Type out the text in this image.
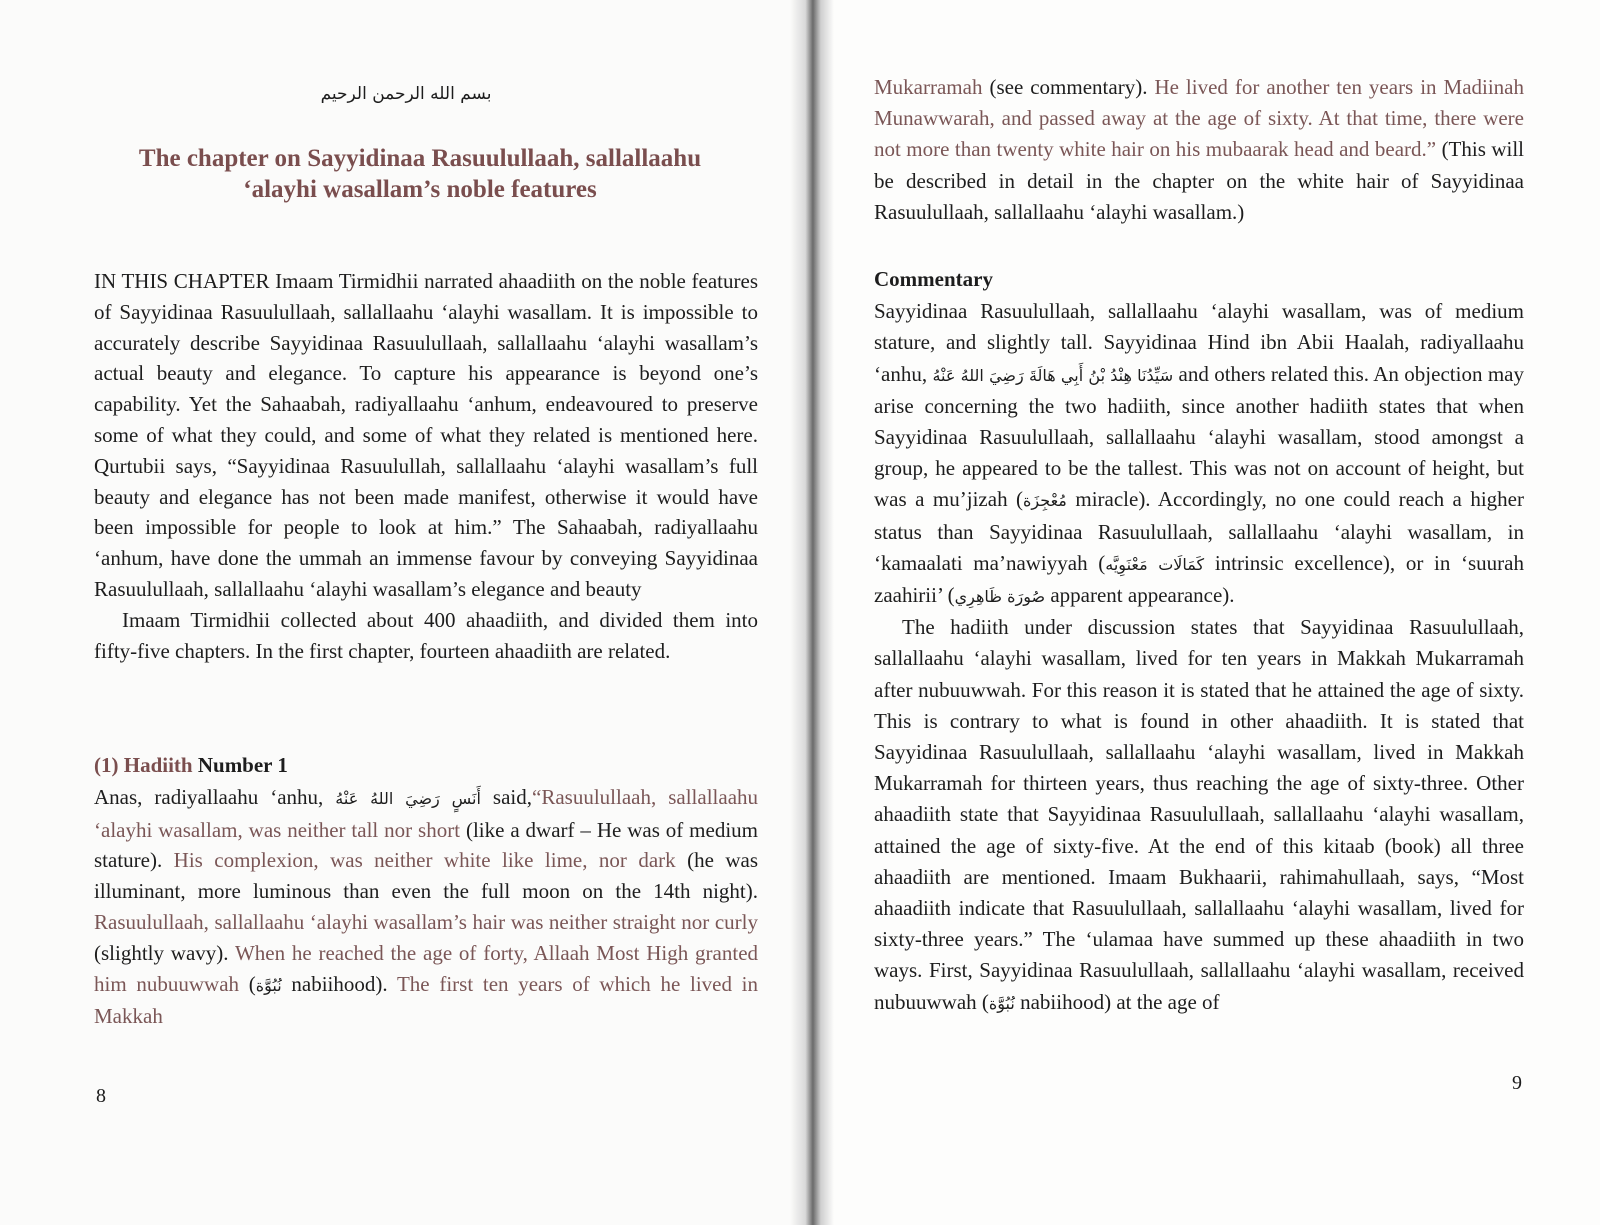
بسم الله الرحمن الرحيم
The chapter on Sayyidinaa Rasuulullaah, sallallaahu ‘alayhi wasallam’s noble features

IN THIS CHAPTER Imaam Tirmidhii narrated ahaadiith on the noble features of Sayyidinaa Rasuulullaah, sallallaahu ‘alayhi wasallam. It is impossible to accurately describe Sayyidinaa Rasuulullaah, sallallaahu ‘alayhi wasallam’s actual beauty and elegance. To capture his appearance is beyond one’s capability. Yet the Sahaabah, radiyallaahu ‘anhum, endeavoured to preserve some of what they could, and some of what they related is mentioned here. Qurtubii says, “Sayyidinaa Rasuulullah, sallallaahu ‘alayhi wasallam’s full beauty and elegance has not been made manifest, otherwise it would have been impossible for people to look at him.” The Sahaabah, radiyallaahu ‘anhum, have done the ummah an immense favour by conveying Sayyidinaa Rasuulullaah, sallallaahu ‘alayhi wasallam’s elegance and beauty

Imaam Tirmidhii collected about 400 ahaadiith, and divided them into fifty-five chapters. In the first chapter, fourteen ahaadiith are related.

(1) Hadiith Number 1

Anas, radiyallaahu ‘anhu, أَنَسٍ رَضِيَ اللهُ عَنْهُ said,“Rasuulullaah, sallallaahu ‘alayhi wasallam, was neither tall nor short (like a dwarf – He was of medium stature). His complexion, was neither white like lime, nor dark (he was illuminant, more luminous than even the full moon on the 14th night). Rasuulullaah, sallallaahu ‘alayhi wasallam’s hair was neither straight nor curly (slightly wavy). When he reached the age of forty, Allaah Most High granted him nubuuwwah (نُبُوَّة nabiihood). The first ten years of which he lived in Makkah

8

Mukarramah (see commentary). He lived for another ten years in Madiinah Munawwarah, and passed away at the age of sixty. At that time, there were not more than twenty white hair on his mubaarak head and beard.” (This will be described in detail in the chapter on the white hair of Sayyidinaa Rasuulullaah, sallallaahu ‘alayhi wasallam.)

Commentary

Sayyidinaa Rasuulullaah, sallallaahu ‘alayhi wasallam, was of medium stature, and slightly tall. Sayyidinaa Hind ibn Abii Haalah, radiyallaahu ‘anhu, سَيِّدُنَا هِنْدُ بْنُ أَبِي هَالَةَ رَضِيَ اللهُ عَنْهُ and others related this. An objection may arise concerning the two hadiith, since another hadiith states that when Sayyidinaa Rasuulullaah, sallallaahu ‘alayhi wasallam, stood amongst a group, he appeared to be the tallest. This was not on account of height, but was a mu’jizah (مُعْجِزَة miracle). Accordingly, no one could reach a higher status than Sayyidinaa Rasuulullaah, sallallaahu ‘alayhi wasallam, in ‘kamaalati ma’nawiyyah (كَمَالَات مَعْنَوِيَّه intrinsic excellence), or in ‘suurah zaahirii’ (صُورَة ظَاهِرِي apparent appearance).

The hadiith under discussion states that Sayyidinaa Rasuulullaah, sallallaahu ‘alayhi wasallam, lived for ten years in Makkah Mukarramah after nubuuwwah. For this reason it is stated that he attained the age of sixty. This is contrary to what is found in other ahaadiith. It is stated that Sayyidinaa Rasuulullaah, sallallaahu ‘alayhi wasallam, lived in Makkah Mukarramah for thirteen years, thus reaching the age of sixty-three. Other ahaadiith state that Sayyidinaa Rasuulullaah, sallallaahu ‘alayhi wasallam, attained the age of sixty-five. At the end of this kitaab (book) all three ahaadiith are mentioned. Imaam Bukhaarii, rahimahullaah, says, “Most ahaadiith indicate that Rasuulullaah, sallallaahu ‘alayhi wasallam, lived for sixty-three years.” The ‘ulamaa have summed up these ahaadiith in two ways. First, Sayyidinaa Rasuulullaah, sallallaahu ‘alayhi wasallam, received nubuuwwah (نُبُوَّة nabiihood) at the age of

9
